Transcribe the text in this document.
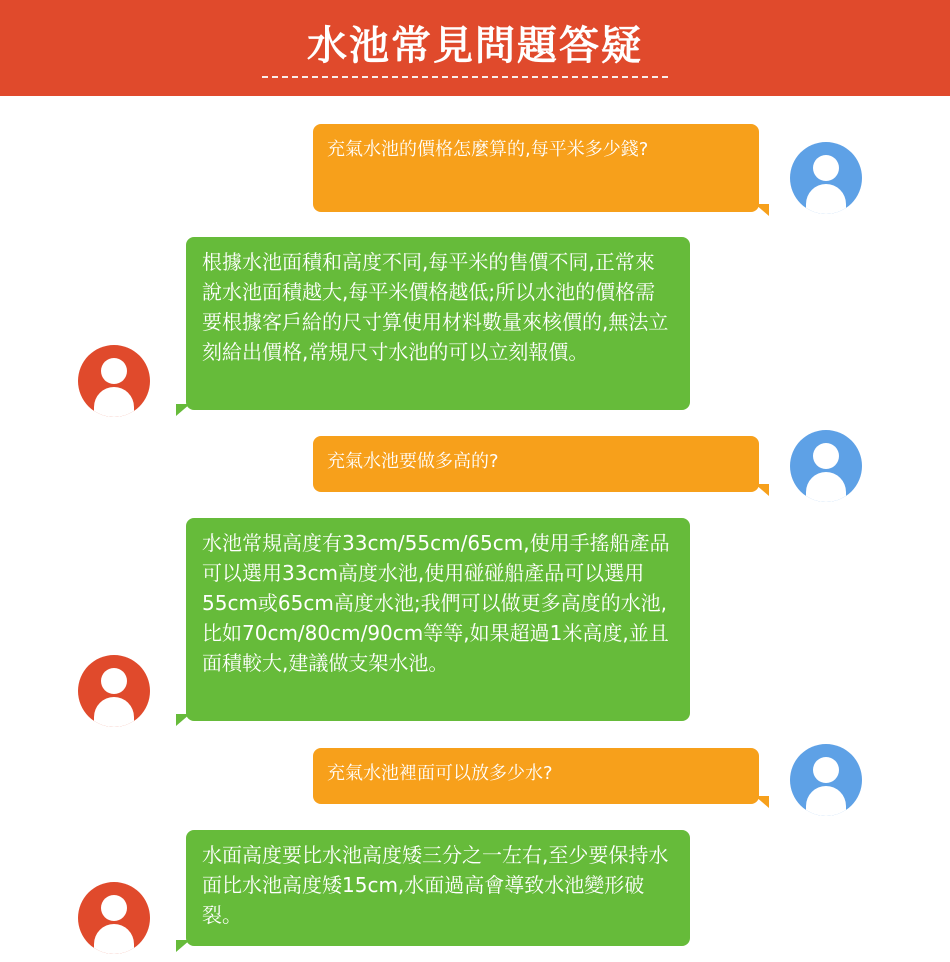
水池常見問題答疑
充氣水池的價格怎麼算的,每平米多少錢?
根據水池面積和高度不同,每平米的售價不同,正常來說水池面積越大,每平米價格越低;所以水池的價格需要根據客戶給的尺寸算使用材料數量來核價的,無法立刻給出價格,常規尺寸水池的可以立刻報價。
充氣水池要做多高的?
水池常規高度有33cm/55cm/65cm,使用手搖船產品可以選用33cm高度水池,使用碰碰船產品可以選用55cm或65cm高度水池;我們可以做更多高度的水池,比如70cm/80cm/90cm等等,如果超過1米高度,並且面積較大,建議做支架水池。
充氣水池裡面可以放多少水?
水面高度要比水池高度矮三分之一左右,至少要保持水面比水池高度矮15cm,水面過高會導致水池變形破裂。
